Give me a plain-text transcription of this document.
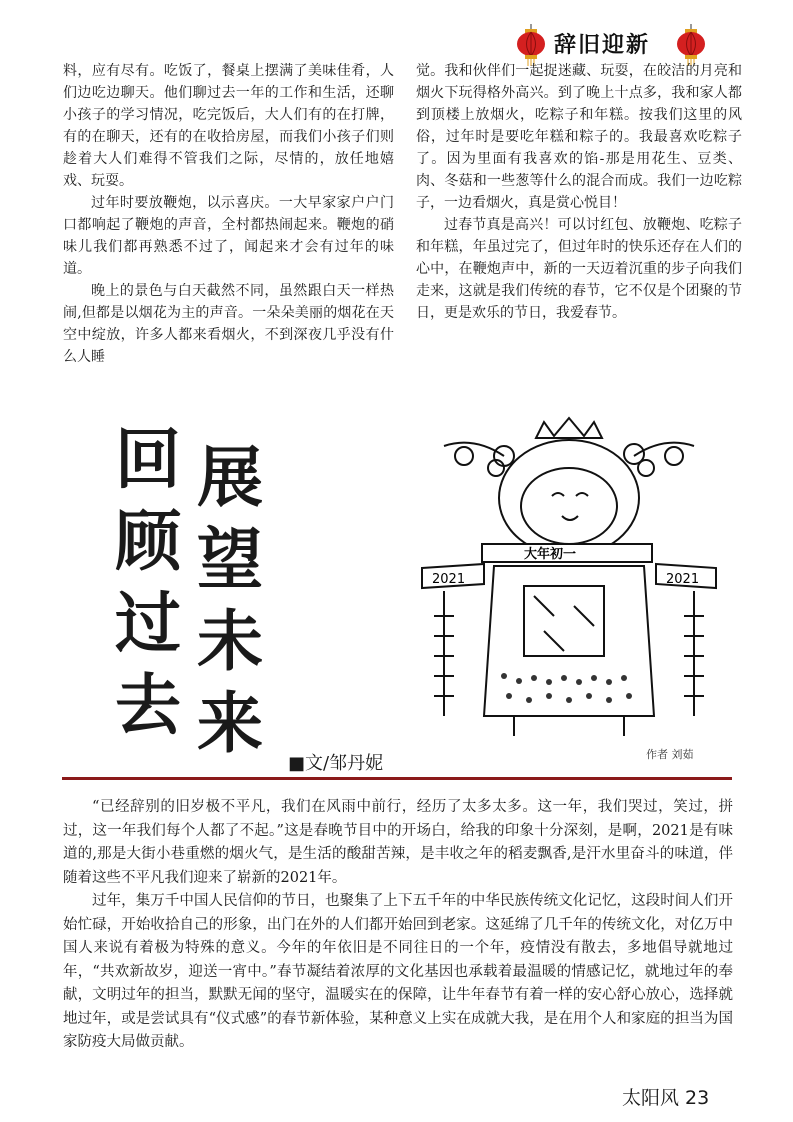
辞旧迎新

料，应有尽有。吃饭了，餐桌上摆满了美味佳肴，人们边吃边聊天。他们聊过去一年的工作和生活，还聊小孩子的学习情况，吃完饭后，大人们有的在打牌，有的在聊天，还有的在收拾房屋，而我们小孩子们则趁着大人们难得不管我们之际，尽情的，放任地嬉戏、玩耍。

过年时要放鞭炮，以示喜庆。一大早家家户户门口都响起了鞭炮的声音，全村都热闹起来。鞭炮的硝味儿我们都再熟悉不过了，闻起来才会有过年的味道。

晚上的景色与白天截然不同，虽然跟白天一样热闹,但都是以烟花为主的声音。一朵朵美丽的烟花在天空中绽放，许多人都来看烟火，不到深夜几乎没有什么人睡

觉。我和伙伴们一起捉迷藏、玩耍，在皎洁的月亮和烟火下玩得格外高兴。到了晚上十点多，我和家人都到顶楼上放烟火，吃粽子和年糕。按我们这里的风俗，过年时是要吃年糕和粽子的。我最喜欢吃粽子了。因为里面有我喜欢的馅-那是用花生、豆类、肉、冬菇和一些葱等什么的混合而成。我们一边吃粽子，一边看烟火，真是赏心悦目！

过春节真是高兴！可以讨红包、放鞭炮、吃粽子和年糕，年虽过完了，但过年时的快乐还存在人们的心中，在鞭炮声中，新的一天迈着沉重的步子向我们走来，这就是我们传统的春节，它不仅是个团聚的节日，更是欢乐的节日，我爱春节。

回
顾
过
去
展
望
未
来
2021	2021
大年初一
作者 刘茹
■文/邹丹妮

“已经辞别的旧岁极不平凡，我们在风雨中前行，经历了太多太多。这一年，我们哭过，笑过，拼过，这一年我们每个人都了不起。”这是春晚节目中的开场白，给我的印象十分深刻，是啊，2021是有味道的,那是大街小巷重燃的烟火气，是生活的酸甜苦辣，是丰收之年的稻麦飘香,是汗水里奋斗的味道，伴随着这些不平凡我们迎来了崭新的2021年。

过年，集万千中国人民信仰的节日，也聚集了上下五千年的中华民族传统文化记忆，这段时间人们开始忙碌，开始收拾自己的形象，出门在外的人们都开始回到老家。这延绵了几千年的传统文化，对亿万中国人来说有着极为特殊的意义。今年的年依旧是不同往日的一个年，疫情没有散去，多地倡导就地过年，“共欢新故岁，迎送一宵中。”春节凝结着浓厚的文化基因也承载着最温暖的情感记忆，就地过年的奉献，文明过年的担当，默默无闻的坚守，温暖实在的保障，让牛年春节有着一样的安心舒心放心，选择就地过年，或是尝试具有“仪式感”的春节新体验，某种意义上实在成就大我，是在用个人和家庭的担当为国家防疫大局做贡献。

太阳风 23
